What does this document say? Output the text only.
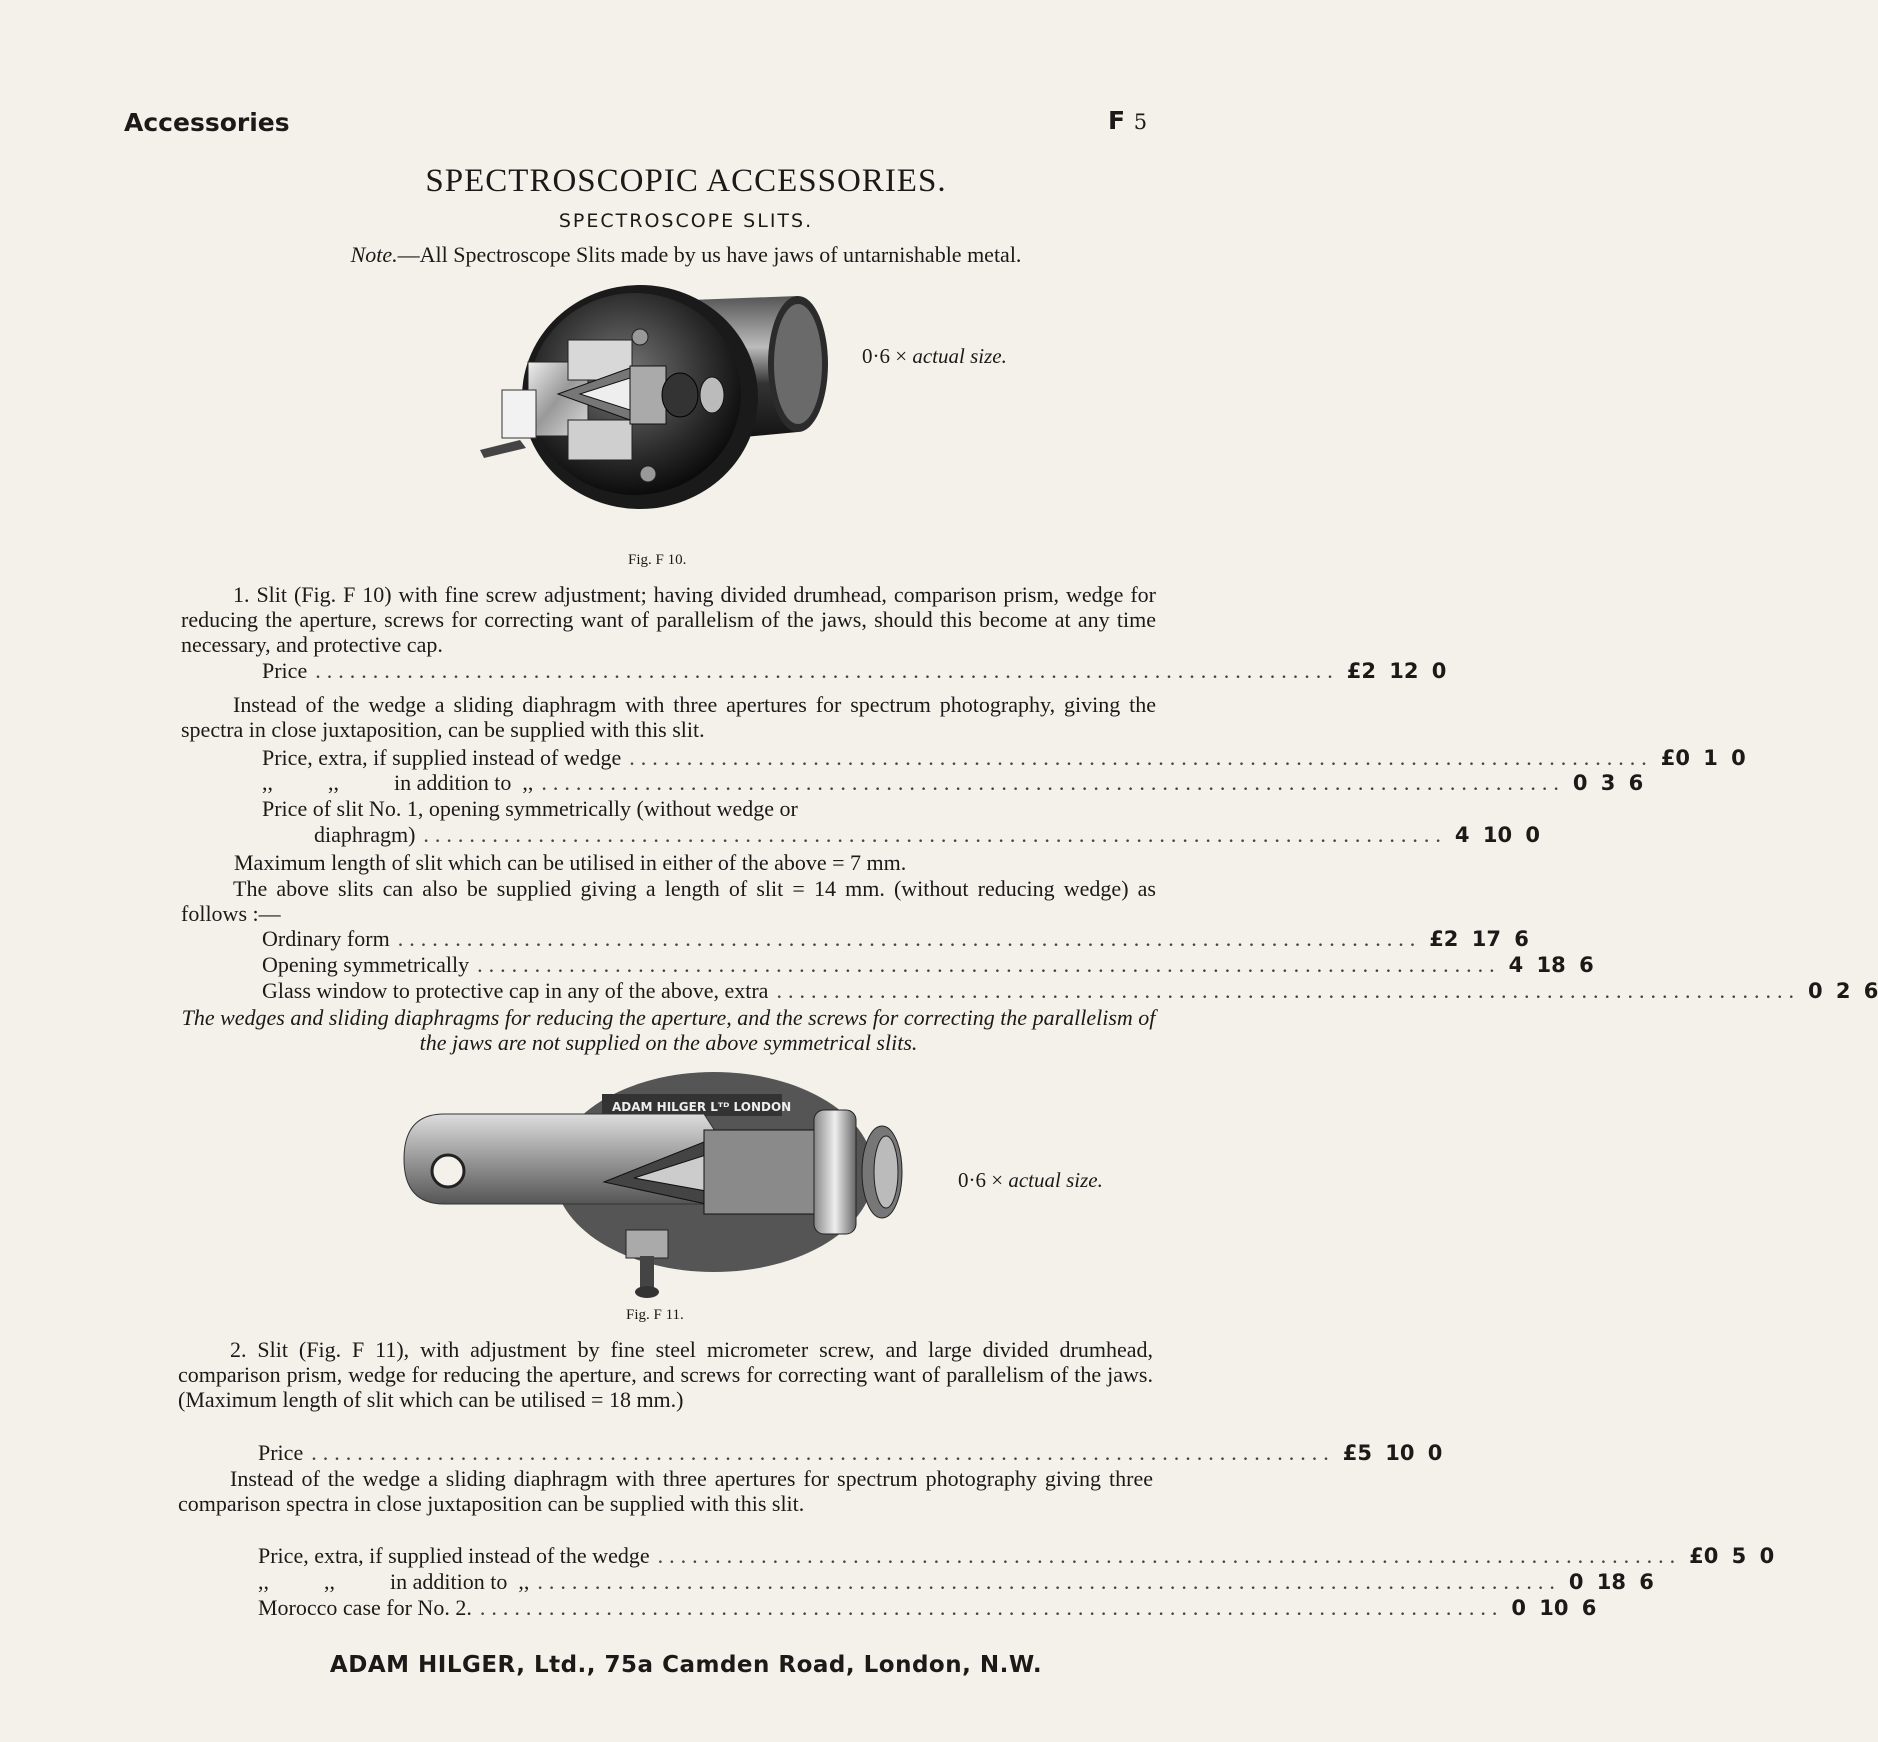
Accessories	F 5
SPECTROSCOPIC ACCESSORIES.
SPECTROSCOPE SLITS.
Note.—All Spectroscope Slits made by us have jaws of untarnishable metal.
0·6 × actual size.
Fig. F 10.
1. Slit (Fig. F 10) with fine screw adjustment; having divided drumhead, comparison prism, wedge for reducing the aperture, screws for correcting want of parallelism of the jaws, should this become at any time necessary, and protective cap.
Price ......................................................................................... £2 12 0
Instead of the wedge a sliding diaphragm with three apertures for spectrum photography, giving the spectra in close juxtaposition, can be supplied with this slit.
Price, extra, if supplied instead of wedge ......................................................................................... £0 1 0
,,          ,,          in addition to  ,, ......................................................................................... 0 3 6
Price of slit No. 1, opening symmetrically (without wedge or
diaphragm) ......................................................................................... 4 10 0
Maximum length of slit which can be utilised in either of the above = 7 mm.
The above slits can also be supplied giving a length of slit = 14 mm. (without reducing wedge) as follows :—
Ordinary form ......................................................................................... £2 17 6
Opening symmetrically ......................................................................................... 4 18 6
Glass window to protective cap in any of the above, extra ......................................................................................... 0 2 6
The wedges and sliding diaphragms for reducing the aperture, and the screws for correcting the parallelism of the jaws are not supplied on the above symmetrical slits.
ADAM HILGER Lᵀᴰ LONDON
0·6 × actual size.
Fig. F 11.
2. Slit (Fig. F 11), with adjustment by fine steel micrometer screw, and large divided drumhead, comparison prism, wedge for reducing the aperture, and screws for correcting want of parallelism of the jaws. (Maximum length of slit which can be utilised = 18 mm.)
Price ......................................................................................... £5 10 0
Instead of the wedge a sliding diaphragm with three apertures for spectrum photography giving three comparison spectra in close juxtaposition can be supplied with this slit.
Price, extra, if supplied instead of the wedge ......................................................................................... £0 5 0
,,          ,,          in addition to  ,, ......................................................................................... 0 18 6
Morocco case for No. 2. ......................................................................................... 0 10 6
ADAM HILGER, Ltd., 75a Camden Road, London, N.W.
